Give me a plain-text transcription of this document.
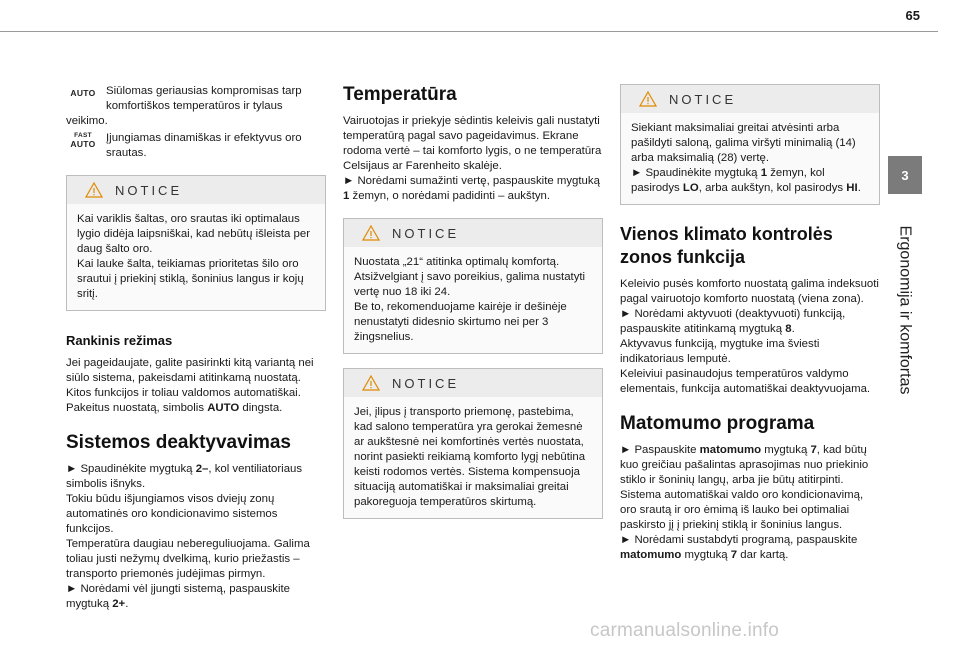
65
3
Ergonomija ir komfortas
AUTO Siūlomas geriausias kompromisas tarp komfortiškos temperatūros ir tylaus veikimo.

FAST
AUTO Įjungiamas dinamiškas ir efektyvus oro srautas.

NOTICE

Kai variklis šaltas, oro srautas iki optimalaus lygio didėja laipsniškai, kad nebūtų išleista per daug šalto oro.
Kai lauke šalta, teikiamas prioritetas šilo oro srautui į priekinį stiklą, šoninius langus ir kojų sritį.

Rankinis režimas

Jei pageidaujate, galite pasirinkti kitą variantą nei siūlo sistema, pakeisdami atitinkamą nuostatą. Kitos funkcijos ir toliau valdomos automatiškai. Pakeitus nuostatą, simbolis AUTO dingsta.

Sistemos deaktyvavimas

► Spaudinėkite mygtuką 2–, kol ventiliatoriaus simbolis išnyks.

Tokiu būdu išjungiamos visos dviejų zonų automatinės oro kondicionavimo sistemos funkcijos.

Temperatūra daugiau nebereguliuojama. Galima toliau justi nežymų dvelkimą, kurio priežastis – transporto priemonės judėjimas pirmyn.

► Norėdami vėl įjungti sistemą, paspauskite mygtuką 2+.

Temperatūra

Vairuotojas ir priekyje sėdintis keleivis gali nustatyti temperatūrą pagal savo pageidavimus. Ekrane rodoma vertė – tai komforto lygis, o ne temperatūra Celsijaus ar Farenheito skalėje.

► Norėdami sumažinti vertę, paspauskite mygtuką 1 žemyn, o norėdami padidinti – aukštyn.

NOTICE

Nuostata „21“ atitinka optimalų komfortą. Atsižvelgiant į savo poreikius, galima nustatyti vertę nuo 18 iki 24.
Be to, rekomenduojame kairėje ir dešinėje nenustatyti didesnio skirtumo nei per 3 žingsnelius.

NOTICE

Jei, įlipus į transporto priemonę, pastebima, kad salono temperatūra yra gerokai žemesnė ar aukštesnė nei komfortinės vertės nuostata, norint pasiekti reikiamą komforto lygį nebūtina keisti rodomos vertės. Sistema kompensuoja situaciją automatiškai ir maksimaliai greitai pakoreguoja temperatūros skirtumą.

NOTICE

Siekiant maksimaliai greitai atvėsinti arba pašildyti saloną, galima viršyti minimalią (14) arba maksimalią (28) vertę.

► Spaudinėkite mygtuką 1 žemyn, kol pasirodys LO, arba aukštyn, kol pasirodys HI.

Vienos klimato kontrolės zonos funkcija

Keleivio pusės komforto nuostatą galima indeksuoti pagal vairuotojo komforto nuostatą (viena zona).

► Norėdami aktyvuoti (deaktyvuoti) funkciją, paspauskite atitinkamą mygtuką 8.

Aktyvavus funkciją, mygtuke ima šviesti indikatoriaus lemputė.

Keleiviui pasinaudojus temperatūros valdymo elementais, funkcija automatiškai deaktyvuojama.

Matomumo programa

► Paspauskite matomumo mygtuką 7, kad būtų kuo greičiau pašalintas aprasojimas nuo priekinio stiklo ir šoninių langų, arba jie būtų atitirpinti.

Sistema automatiškai valdo oro kondicionavimą, oro srautą ir oro ėmimą iš lauko bei optimaliai paskirsto jį į priekinį stiklą ir šoninius langus.

► Norėdami sustabdyti programą, paspauskite matomumo mygtuką 7 dar kartą.

carmanualsonline.info
